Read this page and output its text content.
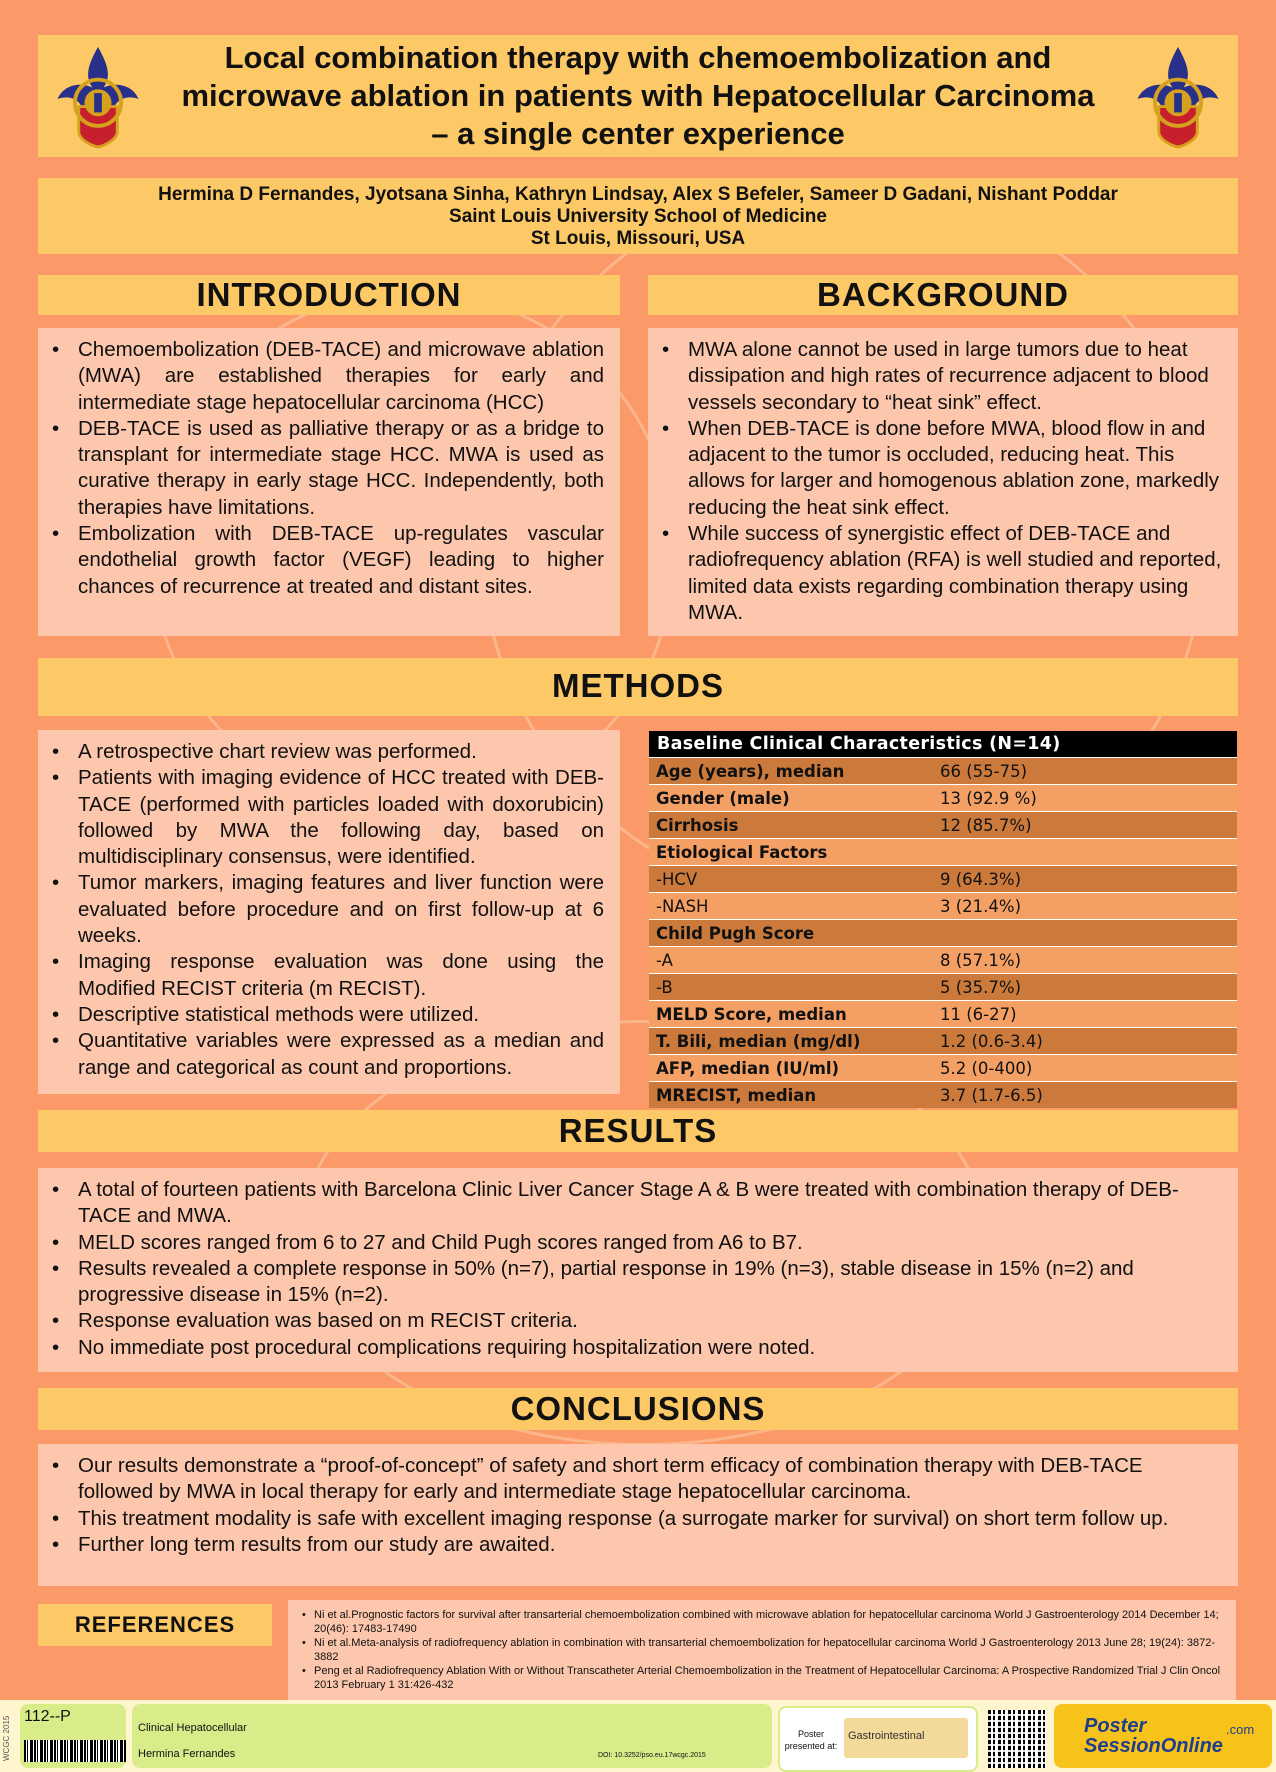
Local combination therapy with chemoembolization and microwave ablation in patients with Hepatocellular Carcinoma – a single center experience
Hermina D Fernandes, Jyotsana Sinha, Kathryn Lindsay, Alex S Befeler, Sameer D Gadani, Nishant Poddar
Saint Louis University School of Medicine
St Louis, Missouri, USA
INTRODUCTION
• Chemoembolization (DEB-TACE) and microwave ablation (MWA) are established therapies for early and intermediate stage hepatocellular carcinoma (HCC)
• DEB-TACE is used as palliative therapy or as a bridge to transplant for intermediate stage HCC. MWA is used as curative therapy in early stage HCC. Independently, both therapies have limitations.
• Embolization with DEB-TACE up-regulates vascular endothelial growth factor (VEGF) leading to higher chances of recurrence at treated and distant sites.
BACKGROUND
• MWA alone cannot be used in large tumors due to heat dissipation and high rates of recurrence adjacent to blood vessels secondary to “heat sink” effect.
• When DEB-TACE is done before MWA, blood flow in and adjacent to the tumor is occluded, reducing heat. This allows for larger and homogenous ablation zone, markedly reducing the heat sink effect.
• While success of synergistic effect of DEB-TACE and radiofrequency ablation (RFA) is well studied and reported, limited data exists regarding combination therapy using MWA.
METHODS
• A retrospective chart review was performed.
• Patients with imaging evidence of HCC treated with DEB-TACE (performed with particles loaded with doxorubicin) followed by MWA the following day, based on multidisciplinary consensus, were identified.
• Tumor markers, imaging features and liver function were evaluated before procedure and on first follow-up at 6 weeks.
• Imaging response evaluation was done using the Modified RECIST criteria (m RECIST).
• Descriptive statistical methods were utilized.
• Quantitative variables were expressed as a median and range and categorical as count and proportions.
Baseline Clinical Characteristics (N=14)	
Age (years), median	66 (55-75)
Gender (male)	13 (92.9 %)
Cirrhosis	12 (85.7%)
Etiological Factors	
-HCV	9 (64.3%)
-NASH	3 (21.4%)
Child Pugh Score	
-A	8 (57.1%)
-B	5 (35.7%)
MELD Score, median	11 (6-27)
T. Bili, median (mg/dl)	1.2 (0.6-3.4)
AFP, median (IU/ml)	5.2 (0-400)
MRECIST, median	3.7 (1.7-6.5)
RESULTS
• A total of fourteen patients with Barcelona Clinic Liver Cancer Stage A & B were treated with combination therapy of DEB-TACE and MWA.
• MELD scores ranged from 6 to 27 and Child Pugh scores ranged from A6 to B7.
• Results revealed a complete response in 50% (n=7), partial response in 19% (n=3), stable disease in 15% (n=2) and progressive disease in 15% (n=2).
• Response evaluation was based on m RECIST criteria.
• No immediate post procedural complications requiring hospitalization were noted.
CONCLUSIONS
• Our results demonstrate a “proof-of-concept” of safety and short term efficacy of combination therapy with DEB-TACE followed by MWA in local therapy for early and intermediate stage hepatocellular carcinoma.
• This treatment modality is safe with excellent imaging response (a surrogate marker for survival) on short term follow up.
• Further long term results from our study are awaited.
REFERENCES	• Ni et al.Prognostic factors for survival after transarterial chemoembolization combined with microwave ablation for hepatocellular carcinoma World J Gastroenterology 2014 December 14; 20(46): 17483-17490
• Ni et al.Meta-analysis of radiofrequency ablation in combination with transarterial chemoembolization for hepatocellular carcinoma World J Gastroenterology 2013 June 28; 19(24): 3872-3882
• Peng et al Radiofrequency Ablation With or Without Transcatheter Arterial Chemoembolization in the Treatment of Hepatocellular Carcinoma: A Prospective Randomized Trial J Clin Oncol 2013 February 1 31:426-432
WCGC 2015 112--P
Clinical Hepatocellular
Hermina Fernandes	DOI: 10.3252/pso.eu.17wcgc.2015
Poster presented at:
Gastrointestinal	Poster
SessionOnline
.com
